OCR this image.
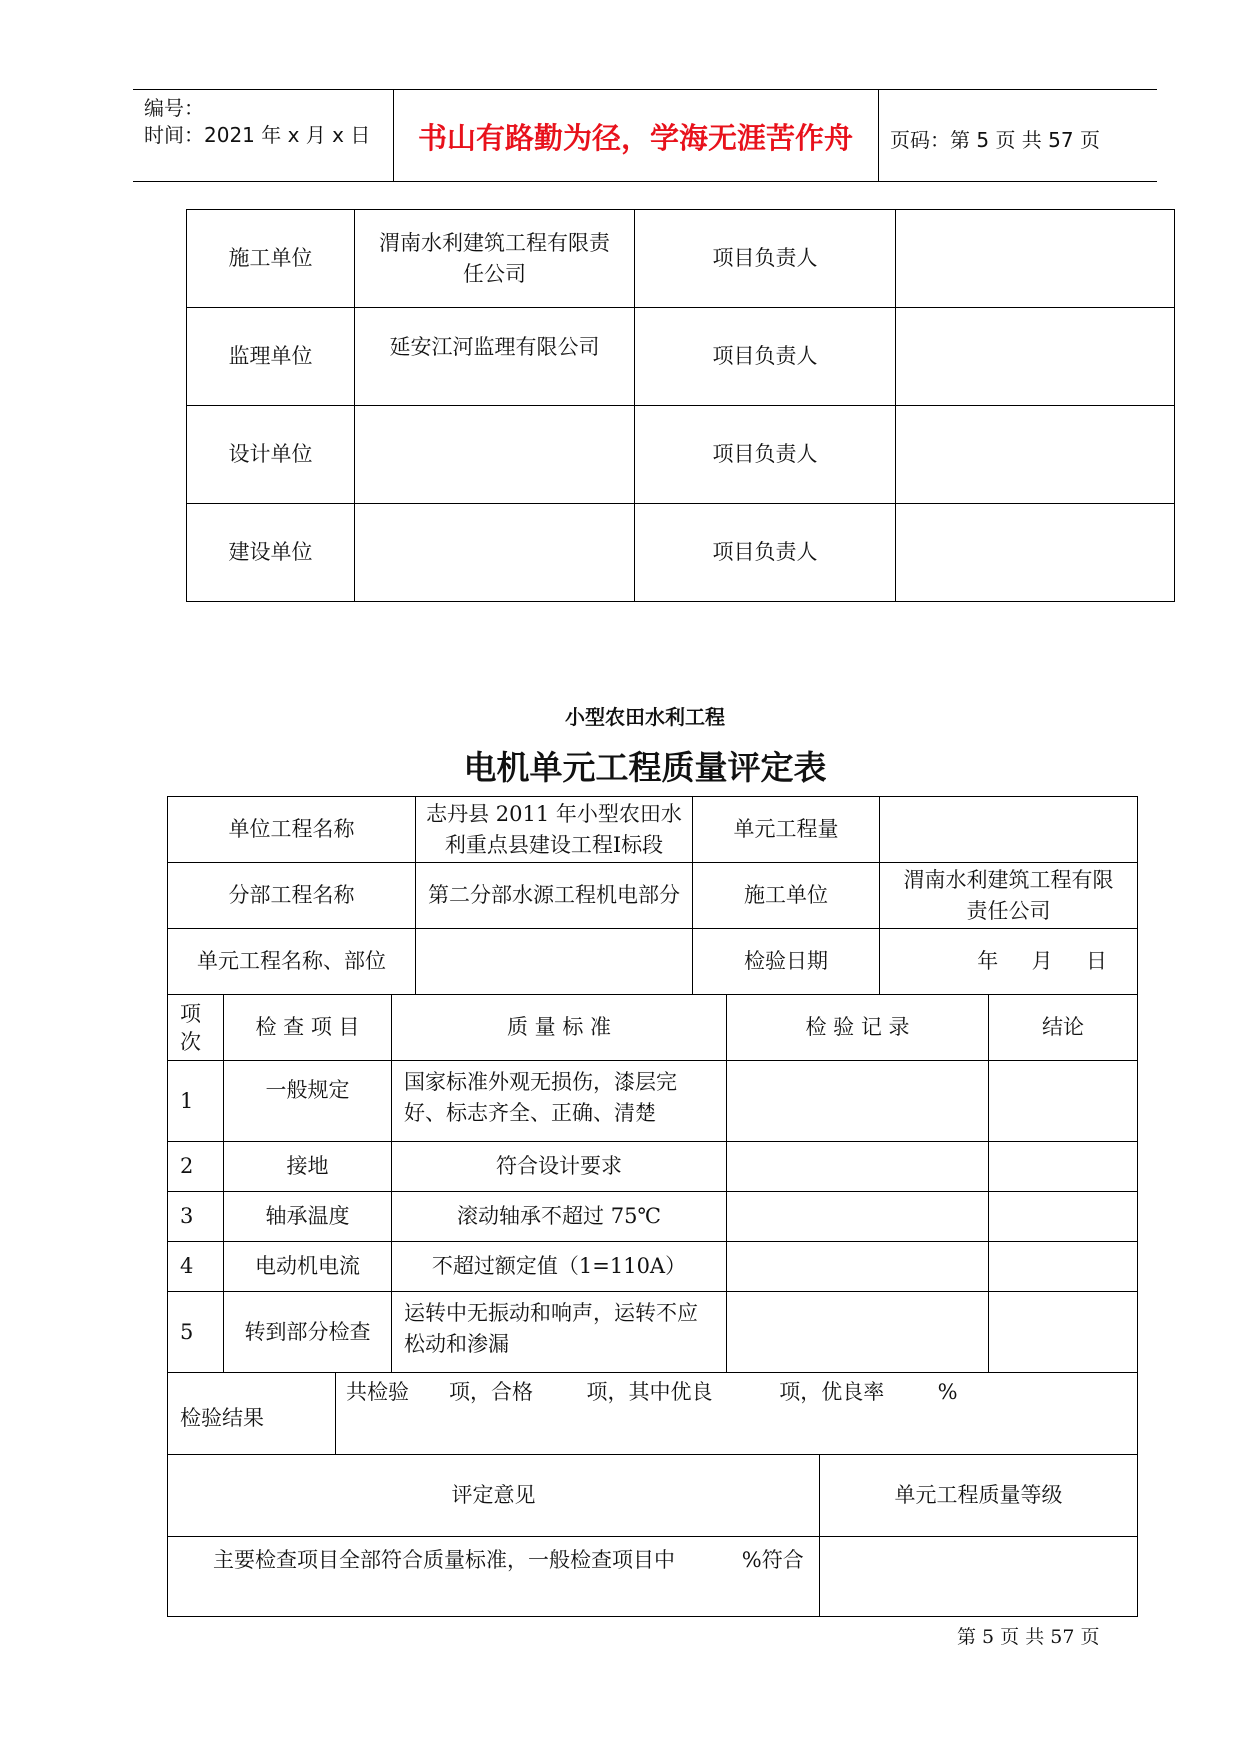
编号：
时间：2021 年 x 月 x 日	书山有路勤为径，学海无涯苦作舟	页码：第 5 页 共 57 页
施工单位	渭南水利建筑工程有限责任公司	项目负责人	
监理单位	延安江河监理有限公司	项目负责人	
设计单位		项目负责人	
建设单位		项目负责人	
小型农田水利工程
电机单元工程质量评定表
单位工程名称	志丹县 2011 年小型农田水利重点县建设工程Ⅰ标段	单元工程量	
分部工程名称	第二分部水源工程机电部分	施工单位	渭南水利建筑工程有限责任公司
单元工程名称、部位		检验日期	年     月     日
项次	检 查 项 目	质 量 标 准	检 验 记 录	结论
1	一般规定	国家标准外观无损伤，漆层完好、标志齐全、正确、清楚		
2	接地	符合设计要求		
3	轴承温度	滚动轴承不超过 75℃		
4	电动机电流	不超过额定值（1=110A）		
5	转到部分检查	运转中无振动和响声，运转不应松动和渗漏		
检验结果	共检验      项，合格        项，其中优良          项，优良率        %
评定意见	单元工程质量等级
主要检查项目全部符合质量标准，一般检查项目中          %符合	
第 5 页 共 57 页
